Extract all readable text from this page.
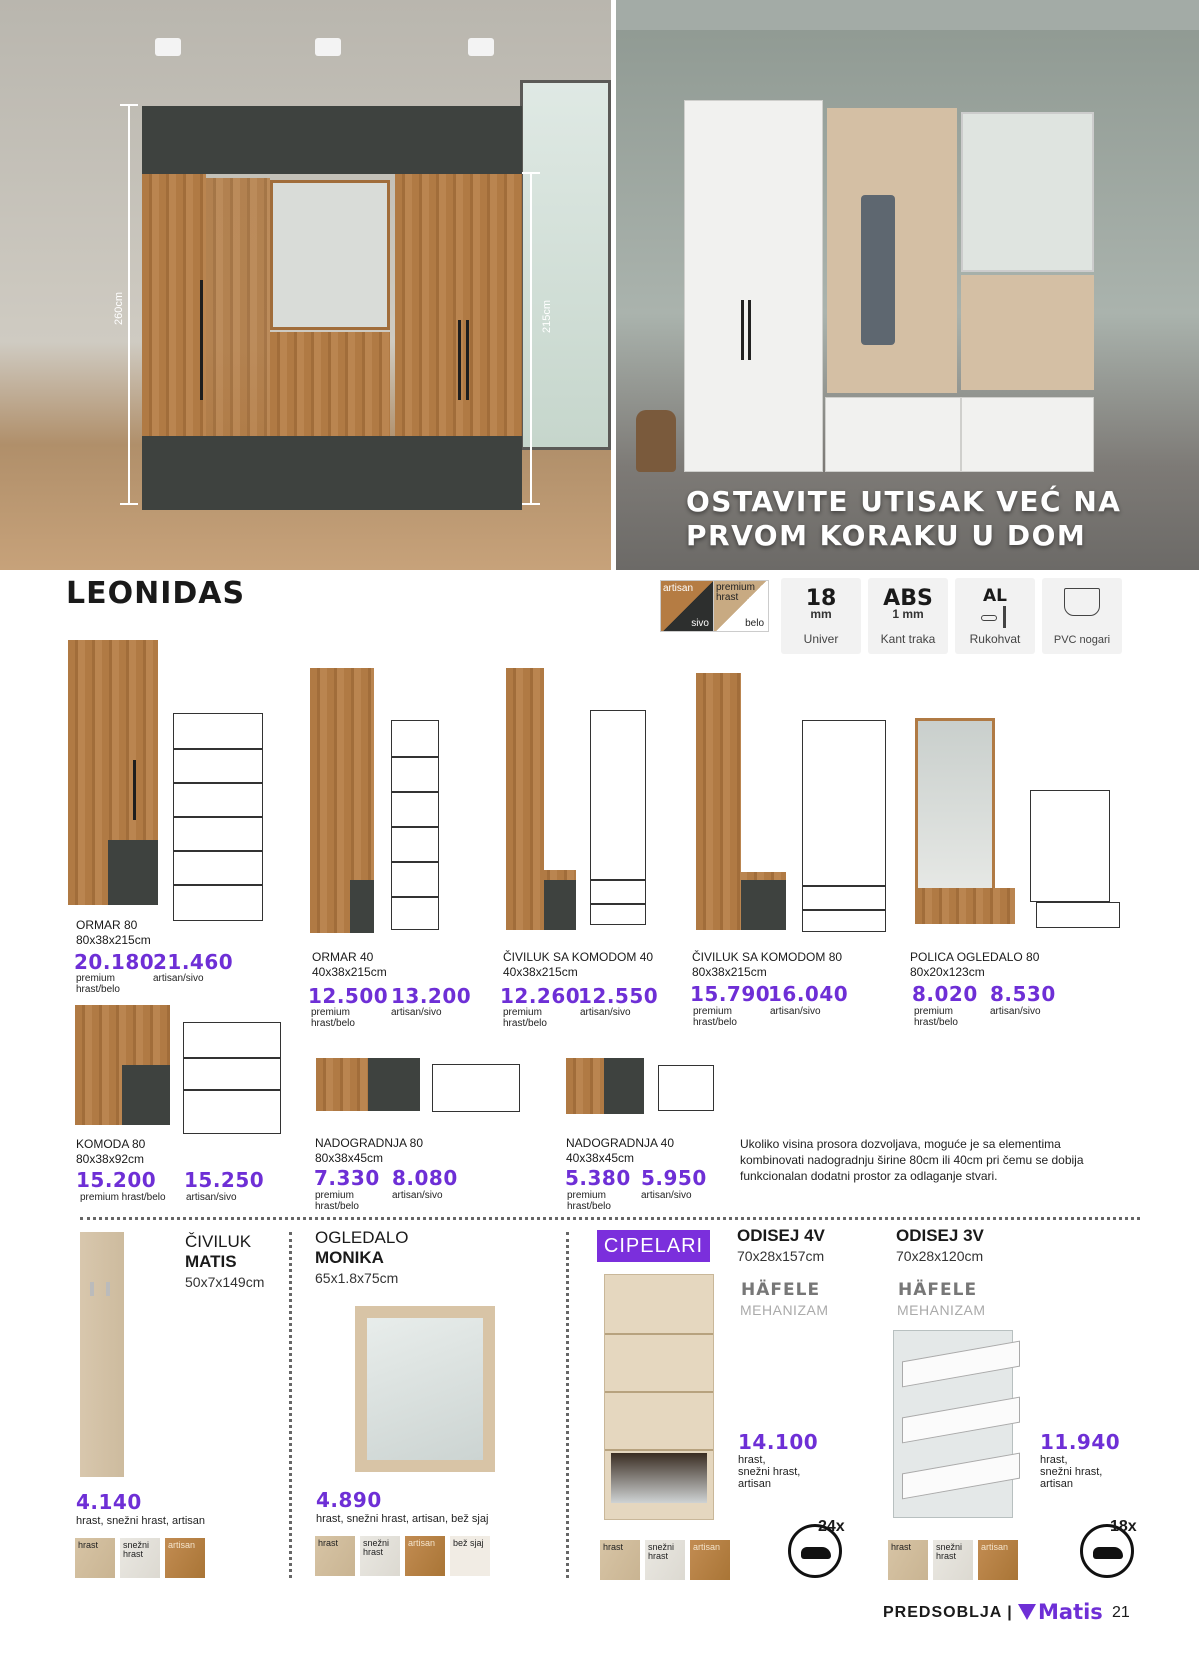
260cm	215cm
OSTAVITE UTISAK VEĆ NA
PRVOM KORAKU U DOM
LEONIDAS	artisan
sivo
premium hrast
belo
18
mm
Univer
ABS
1 mm
Kant traka
AL
Rukohvat	PVC nogari
ORMAR 80
80x38x215cm
20.180
premium hrast/belo
21.460
artisan/sivo
ORMAR 40
40x38x215cm
12.500
premium hrast/belo
13.200
artisan/sivo
ČIVILUK SA KOMODOM 40
40x38x215cm
12.260
premium hrast/belo
12.550
artisan/sivo
ČIVILUK SA KOMODOM 80
80x38x215cm
15.790
premium hrast/belo
16.040
artisan/sivo
POLICA OGLEDALO 80
80x20x123cm
8.020
premium hrast/belo
8.530
artisan/sivo
KOMODA 80
80x38x92cm
15.200
premium hrast/belo
15.250
artisan/sivo
NADOGRADNJA 80
80x38x45cm
7.330
premium hrast/belo
8.080
artisan/sivo
NADOGRADNJA 40
40x38x45cm
5.380
premium hrast/belo
5.950
artisan/sivo
Ukoliko visina prosora dozvoljava, moguće je sa elementima
kombinovati nadogradnju širine 80cm ili 40cm pri čemu se dobija
funkcionalan dodatni prostor za odlaganje stvari.
ČIVILUK
MATIS
50x7x149cm
4.140
hrast, snežni hrast, artisan
hrast	snežni hrast
artisan
OGLEDALO
MONIKA
65x1.8x75cm
4.890
hrast, snežni hrast, artisan, bež sjaj
hrast	snežni hrast
artisan	bež sjaj
CIPELARI	ODISEJ 4V
70x28x157cm
HÄFELE
MEHANIZAM
14.100
hrast,
snežni hrast,
artisan
24x
hrast	snežni hrast
artisan
ODISEJ 3V
70x28x120cm
HÄFELE
MEHANIZAM
11.940
hrast,
snežni hrast,
artisan
18x
hrast	snežni hrast
artisan
PREDSOBLJA | Matis 21
